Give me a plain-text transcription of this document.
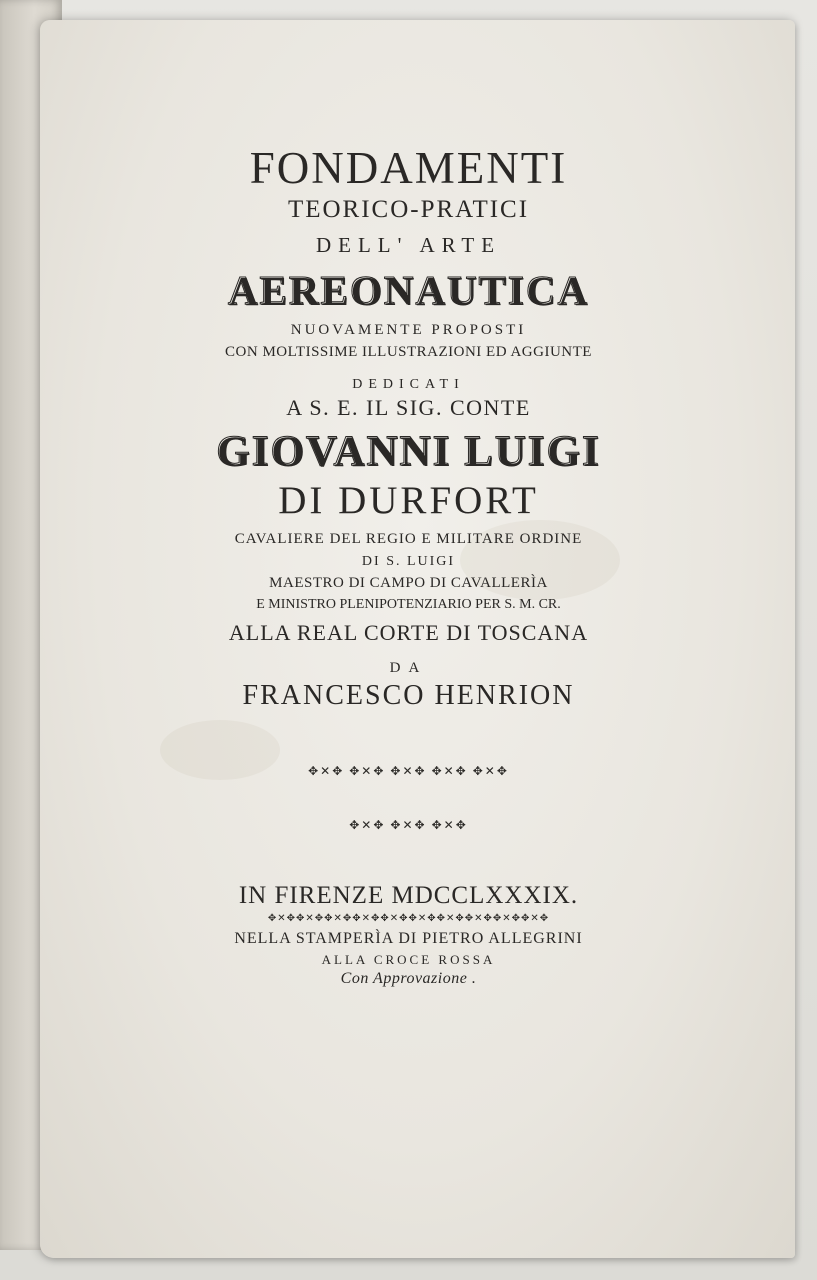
FONDAMENTI
TEORICO-PRATICI
DELL' ARTE
AEREONAUTICA
NUOVAMENTE PROPOSTI
CON MOLTISSIME ILLUSTRAZIONI ED AGGIUNTE
DEDICATI
A S. E. IL SIG. CONTE
GIOVANNI LUIGI
DI DURFORT
CAVALIERE DEL REGIO E MILITARE ORDINE
DI S. LUIGI
MAESTRO DI CAMPO DI CAVALLERÌA
E MINISTRO PLENIPOTENZIARIO PER S. M. CR.
ALLA REAL CORTE DI TOSCANA
DA
FRANCESCO HENRION
✥✕✥ ✥✕✥ ✥✕✥ ✥✕✥ ✥✕✥
✥✕✥ ✥✕✥ ✥✕✥
IN FIRENZE MDCCLXXXIX.
✥✕✥✥✕✥✥✕✥✥✕✥✥✕✥✥✕✥✥✕✥✥✕✥✥✕✥✥✕✥
NELLA STAMPERÌA DI PIETRO ALLEGRINI
ALLA CROCE ROSSA
Con Approvazione .
